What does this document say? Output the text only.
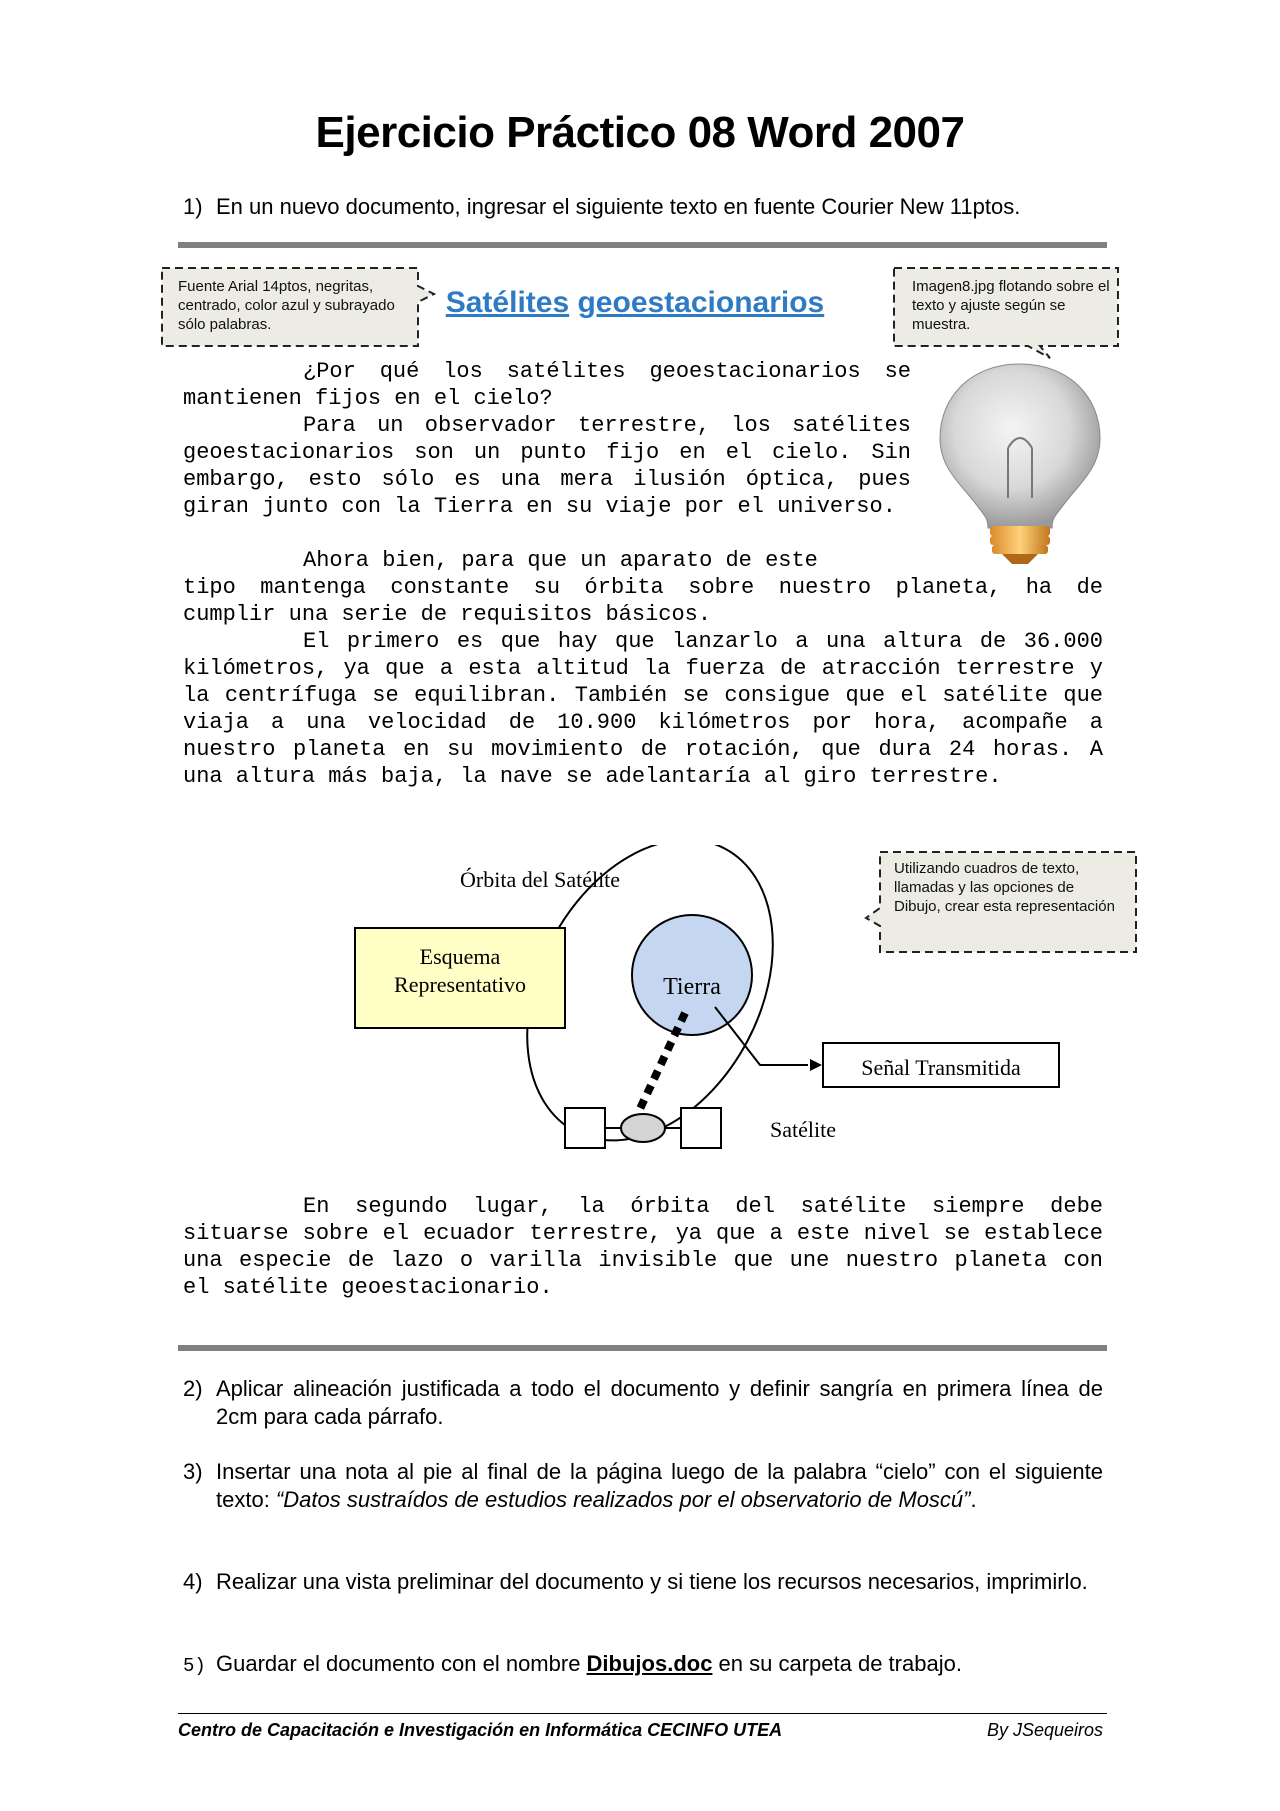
Ejercicio Práctico 08 Word 2007
1) En un nuevo documento, ingresar el siguiente texto en fuente Courier New 11ptos.
Fuente Arial 14ptos, negritas, centrado, color azul y subrayado sólo palabras.
Satélites geoestacionarios	Imagen8.jpg flotando sobre el texto y ajuste según se muestra.

¿Por qué los satélites geoestacionarios se mantienen fijos en el cielo?

Para un observador terrestre, los satélites geoestacionarios son un punto fijo en el cielo. Sin embargo, esto sólo es una mera ilusión óptica, pues giran junto con la Tierra en su viaje por el universo.

Ahora bien, para que un aparato de este

tipo mantenga constante su órbita sobre nuestro planeta, ha de cumplir una serie de requisitos básicos.

El primero es que hay que lanzarlo a una altura de 36.000 kilómetros, ya que a esta altitud la fuerza de atracción terrestre y la centrífuga se equilibran. También se consigue que el satélite que viaja a una velocidad de 10.900 kilómetros por hora, acompañe a nuestro planeta en su movimiento de rotación, que dura 24 horas. A una altura más baja, la nave se adelantaría al giro terrestre.

Órbita del Satélite
Esquema
Representativo	Tierra
Señal Transmitida
Satélite
Utilizando cuadros de texto, llamadas y las opciones de Dibujo, crear esta representación

En segundo lugar, la órbita del satélite siempre debe situarse sobre el ecuador terrestre, ya que a este nivel se establece una especie de lazo o varilla invisible que une nuestro planeta con el satélite geoestacionario.

2) Aplicar alineación justificada a todo el documento y definir sangría en primera línea de 2cm para cada párrafo.
3) Insertar una nota al pie al final de la página luego de la palabra “cielo” con el siguiente texto: “Datos sustraídos de estudios realizados por el observatorio de Moscú”.
4) Realizar una vista preliminar del documento y si tiene los recursos necesarios, imprimirlo.
5) Guardar el documento con el nombre Dibujos.doc en su carpeta de trabajo.
Centro de Capacitación e Investigación en Informática CECINFO UTEA	By JSequeiros
